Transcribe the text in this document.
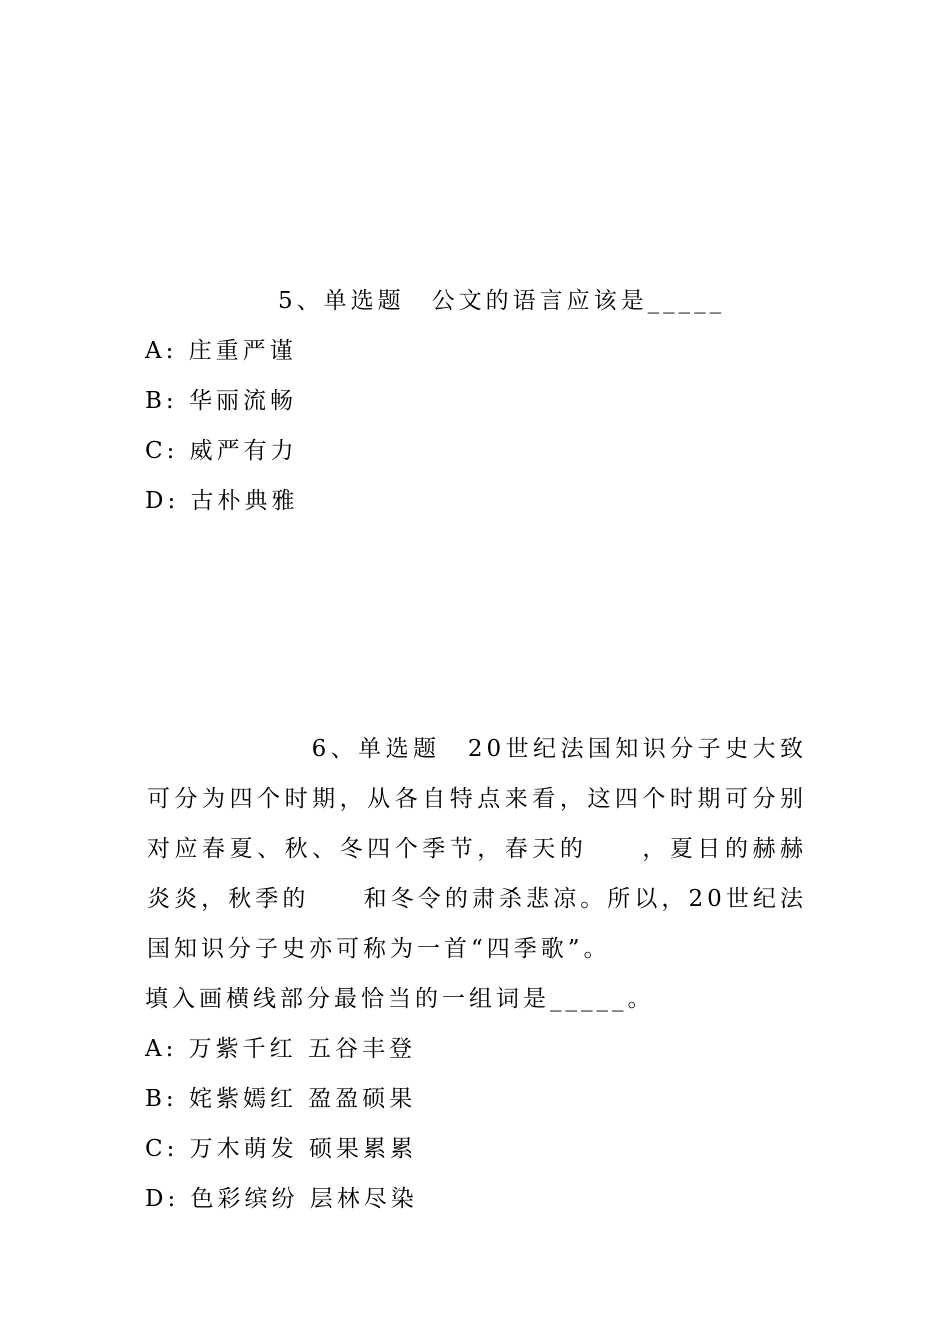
5、单选题　公文的语言应该是_____
A: 庄重严谨
B: 华丽流畅
C: 威严有力
D: 古朴典雅
　　　　　　6、单选题　20世纪法国知识分子史大致可分为四个时期，从各自特点来看，这四个时期可分别对应春夏、秋、冬四个季节，春天的　　，夏日的赫赫炎炎，秋季的　　和冬令的肃杀悲凉。所以，20世纪法国知识分子史亦可称为一首“四季歌”。
填入画横线部分最恰当的一组词是_____。
A: 万紫千红 五谷丰登
B: 姹紫嫣红 盈盈硕果
C: 万木萌发 硕果累累
D: 色彩缤纷 层林尽染
